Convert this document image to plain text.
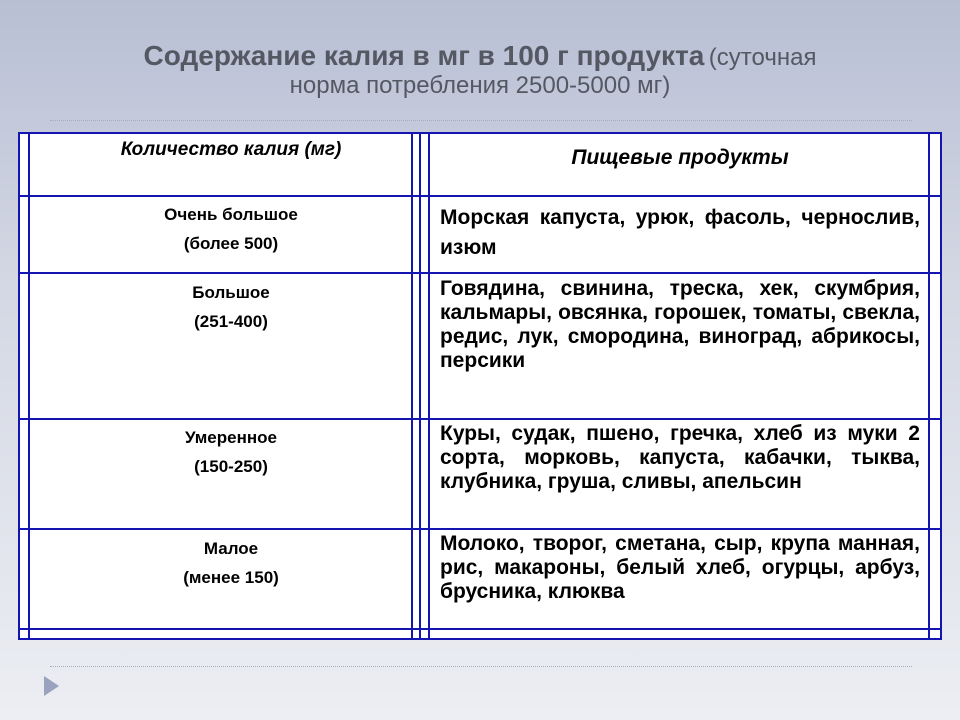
Содержание калия в мг в 100 г продукта (суточная
норма потребления 2500-5000 мг)
Количество калия (мг)	Пищевые продукты
Очень большое
(более 500)
Морская капуста, урюк, фасоль, чернослив, изюм
Большое
(251-400)
Говядина, свинина, треска, хек, скумбрия, кальмары, овсянка, горошек, томаты, свекла, редис, лук, смородина, виноград, абрикосы, персики
Умеренное
(150-250)
Куры, судак, пшено, гречка, хлеб из муки 2 сорта, морковь, капуста, кабачки, тыква, клубника, груша, сливы, апельсин
Малое
(менее 150)
Молоко, творог, сметана, сыр, крупа манная, рис, макароны, белый хлеб, огурцы, арбуз, брусника, клюква
